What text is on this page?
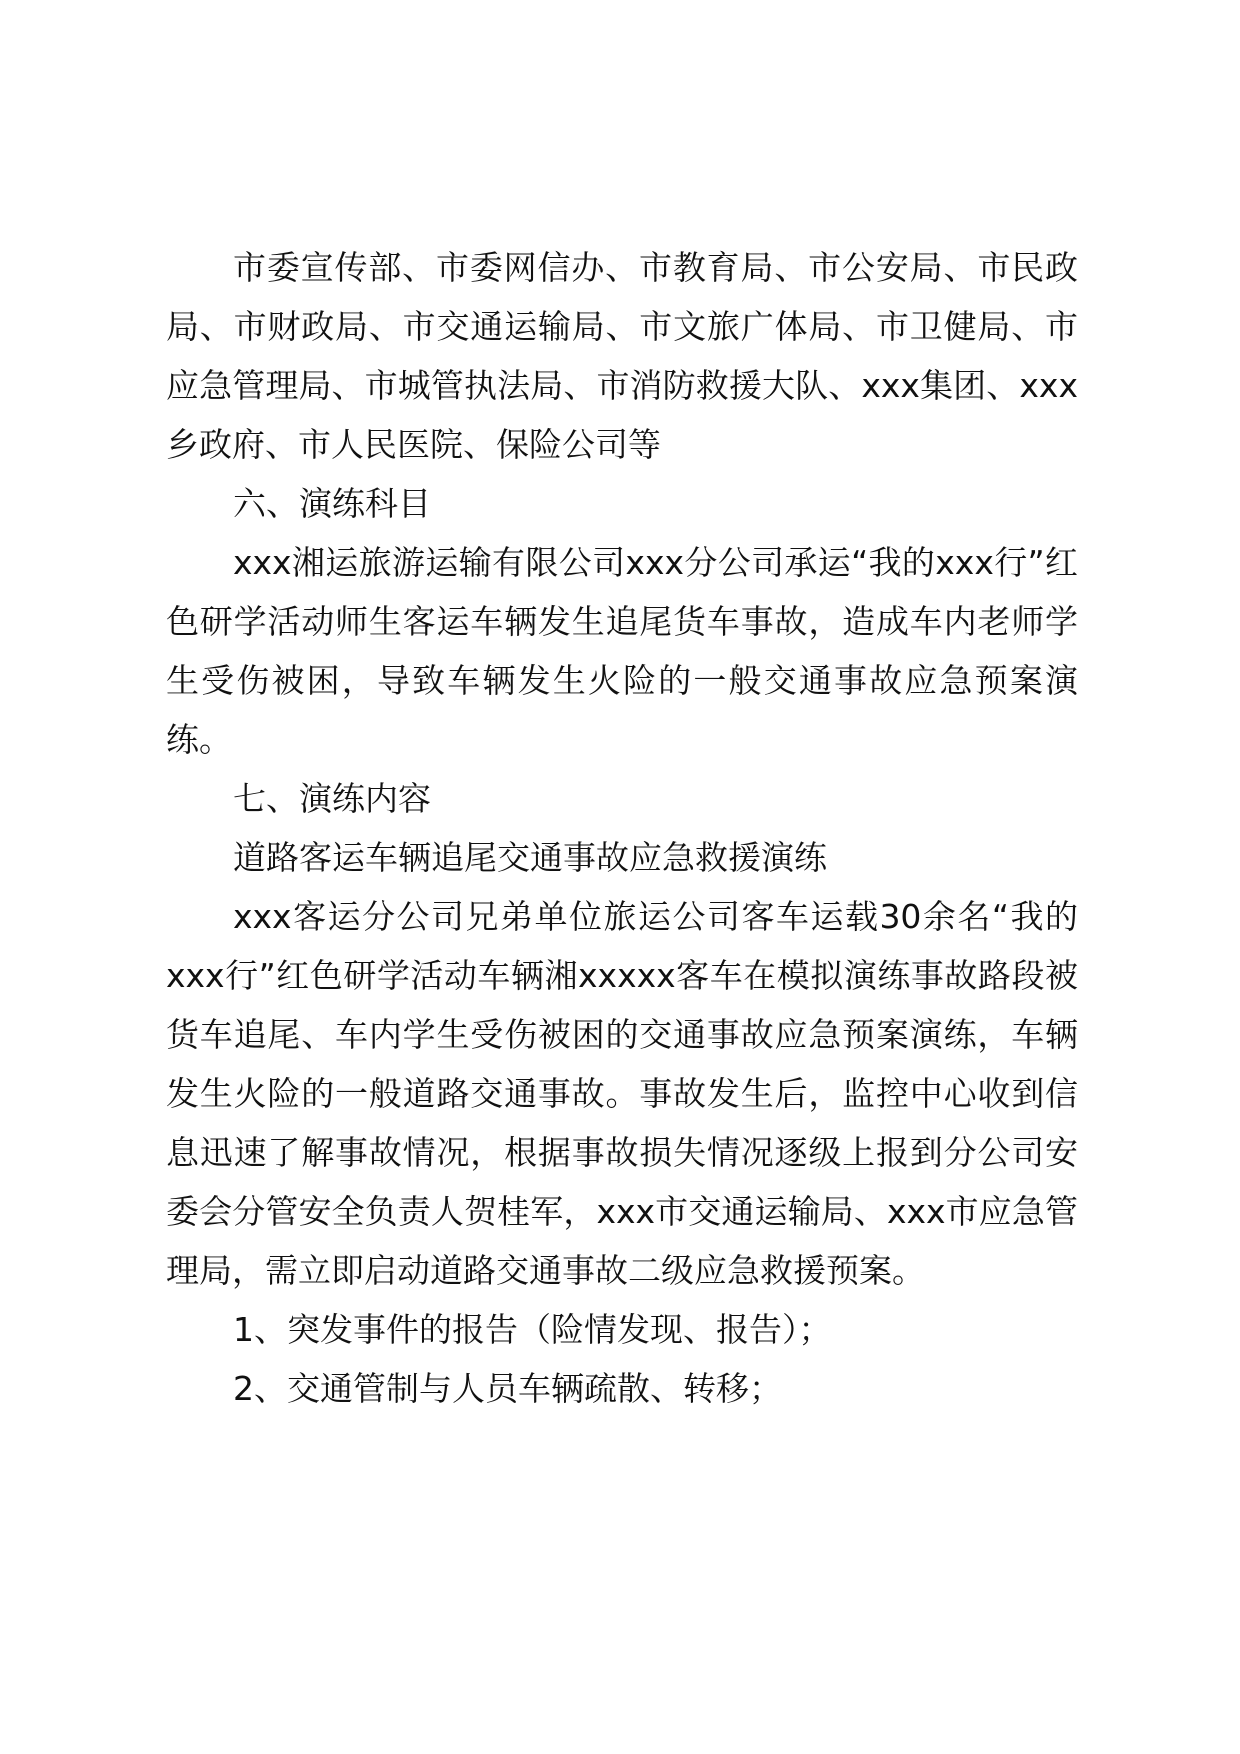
市委宣传部、市委网信办、市教育局、市公安局、市民政局、市财政局、市交通运输局、市文旅广体局、市卫健局、市应急管理局、市城管执法局、市消防救援大队、xxx集团、xxx乡政府、市人民医院、保险公司等

六、演练科目

xxx湘运旅游运输有限公司xxx分公司承运“我的xxx行”红色研学活动师生客运车辆发生追尾货车事故，造成车内老师学生受伤被困，导致车辆发生火险的一般交通事故应急预案演练。

七、演练内容

道路客运车辆追尾交通事故应急救援演练

xxx客运分公司兄弟单位旅运公司客车运载30余名“我的xxx行”红色研学活动车辆湘xxxxx客车在模拟演练事故路段被货车追尾、车内学生受伤被困的交通事故应急预案演练，车辆发生火险的一般道路交通事故。事故发生后，监控中心收到信息迅速了解事故情况，根据事故损失情况逐级上报到分公司安委会分管安全负责人贺桂军，xxx市交通运输局、xxx市应急管理局，需立即启动道路交通事故二级应急救援预案。

1、突发事件的报告（险情发现、报告）；

2、交通管制与人员车辆疏散、转移；
